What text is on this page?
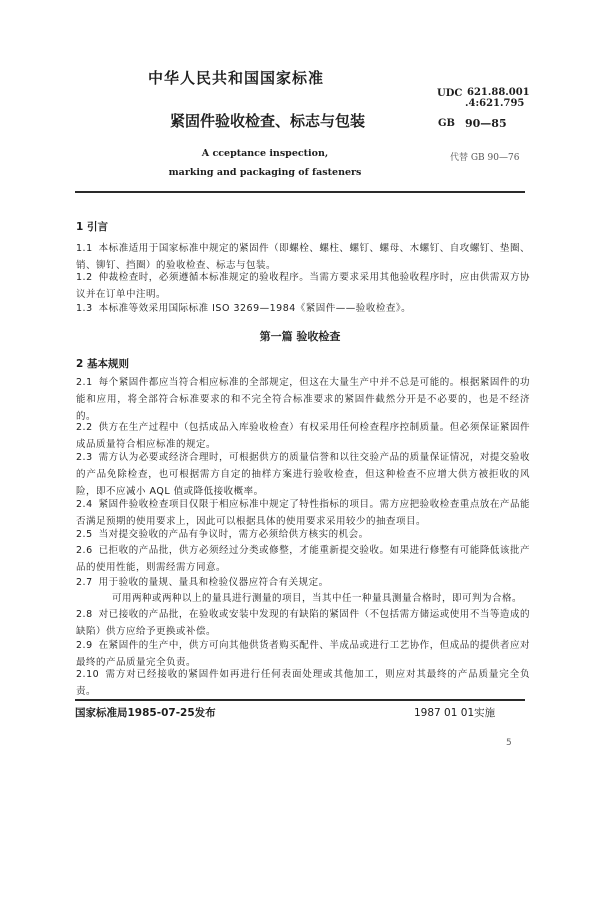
中华人民共和国国家标准
紧固件验收检查、标志与包装
A cceptance inspection,
marking and packaging of fasteners
UDC 621.88.001
.4:621.795
GB 90—85
代替 GB 90—76
1 引言
1.1 本标准适用于国家标准中规定的紧固件（即螺栓、螺柱、螺钉、螺母、木螺钉、自攻螺钉、垫圈、销、铆钉、挡圈）的验收检查、标志与包装。
1.2 仲裁检查时，必须遵循本标准规定的验收程序。当需方要求采用其他验收程序时，应由供需双方协议并在订单中注明。
1.3 本标准等效采用国际标准 ISO 3269—1984《紧固件——验收检查》。
第一篇 验收检查
2 基本规则
2.1 每个紧固件都应当符合相应标准的全部规定，但这在大量生产中并不总是可能的。根据紧固件的功能和应用，将全部符合标准要求的和不完全符合标准要求的紧固件截然分开是不必要的，也是不经济的。
2.2 供方在生产过程中（包括成品入库验收检查）有权采用任何检查程序控制质量。但必须保证紧固件成品质量符合相应标准的规定。
2.3 需方认为必要或经济合理时，可根据供方的质量信誉和以往交验产品的质量保证情况，对提交验收的产品免除检查，也可根据需方自定的抽样方案进行验收检查，但这种检查不应增大供方被拒收的风险，即不应减小 AQL 值或降低接收概率。
2.4 紧固件验收检查项目仅限于相应标准中规定了特性指标的项目。需方应把验收检查重点放在产品能否满足预期的使用要求上，因此可以根据具体的使用要求采用较少的抽查项目。
2.5 当对提交验收的产品有争议时，需方必须给供方核实的机会。
2.6 已拒收的产品批，供方必须经过分类或修整，才能重新提交验收。如果进行修整有可能降低该批产品的使用性能，则需经需方同意。
2.7 用于验收的量规、量具和检验仪器应符合有关规定。
可用两种或两种以上的量具进行测量的项目，当其中任一种量具测量合格时，即可判为合格。
2.8 对已接收的产品批，在验收或安装中发现的有缺陷的紧固件（不包括需方储运或使用不当等造成的缺陷）供方应给予更换或补偿。
2.9 在紧固件的生产中，供方可向其他供货者购买配件、半成品或进行工艺协作，但成品的提供者应对最终的产品质量完全负责。
2.10 需方对已经接收的紧固件如再进行任何表面处理或其他加工，则应对其最终的产品质量完全负责。
国家标准局1985-07-25发布	1987 01 01实施
5
